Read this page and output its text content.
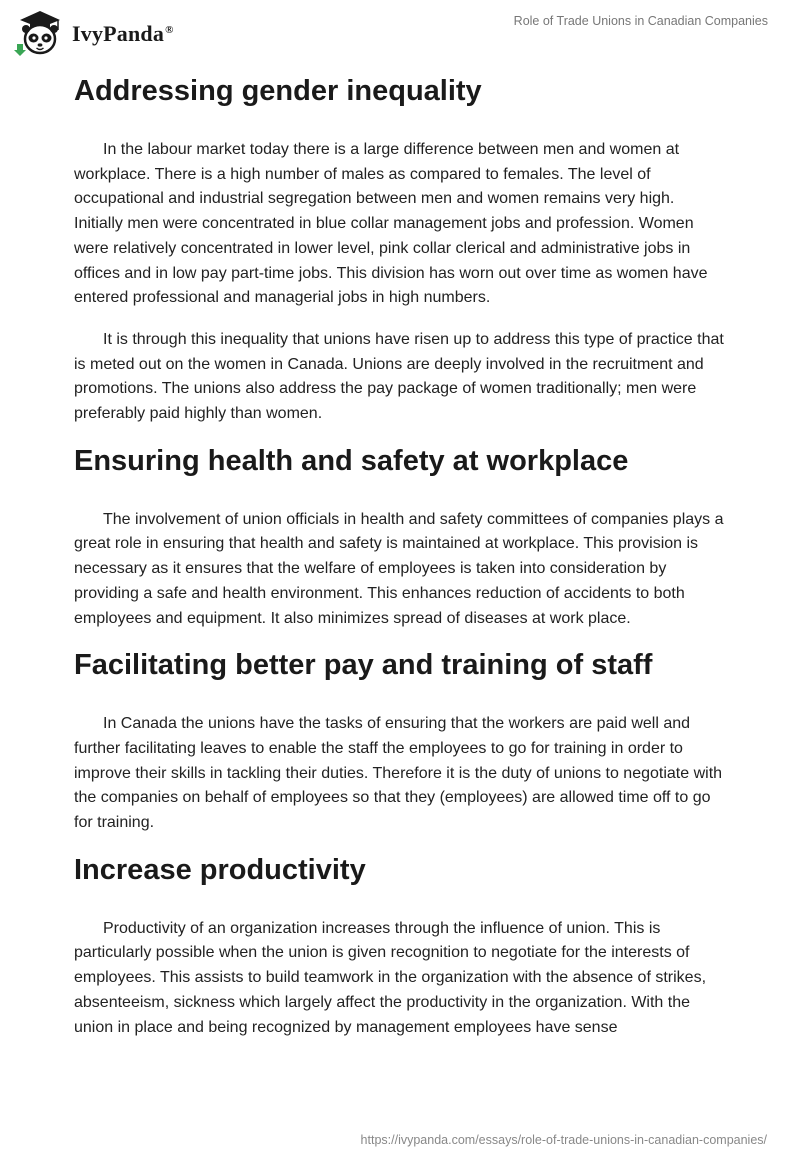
IvyPanda®
Role of Trade Unions in Canadian Companies
Addressing gender inequality

In the labour market today there is a large difference between men and women at workplace. There is a high number of males as compared to females. The level of occupational and industrial segregation between men and women remains very high. Initially men were concentrated in blue collar management jobs and profession. Women were relatively concentrated in lower level, pink collar clerical and administrative jobs in offices and in low pay part-time jobs. This division has worn out over time as women have entered professional and managerial jobs in high numbers.

It is through this inequality that unions have risen up to address this type of practice that is meted out on the women in Canada. Unions are deeply involved in the recruitment and promotions. The unions also address the pay package of women traditionally; men were preferably paid highly than women.

Ensuring health and safety at workplace

The involvement of union officials in health and safety committees of companies plays a great role in ensuring that health and safety is maintained at workplace. This provision is necessary as it ensures that the welfare of employees is taken into consideration by providing a safe and health environment. This enhances reduction of accidents to both employees and equipment. It also minimizes spread of diseases at work place.

Facilitating better pay and training of staff

In Canada the unions have the tasks of ensuring that the workers are paid well and further facilitating leaves to enable the staff the employees to go for training in order to improve their skills in tackling their duties. Therefore it is the duty of unions to negotiate with the companies on behalf of employees so that they (employees) are allowed time off to go for training.

Increase productivity

Productivity of an organization increases through the influence of union. This is particularly possible when the union is given recognition to negotiate for the interests of employees. This assists to build teamwork in the organization with the absence of strikes, absenteeism, sickness which largely affect the productivity in the organization. With the union in place and being recognized by management employees have sense

https://ivypanda.com/essays/role-of-trade-unions-in-canadian-companies/
